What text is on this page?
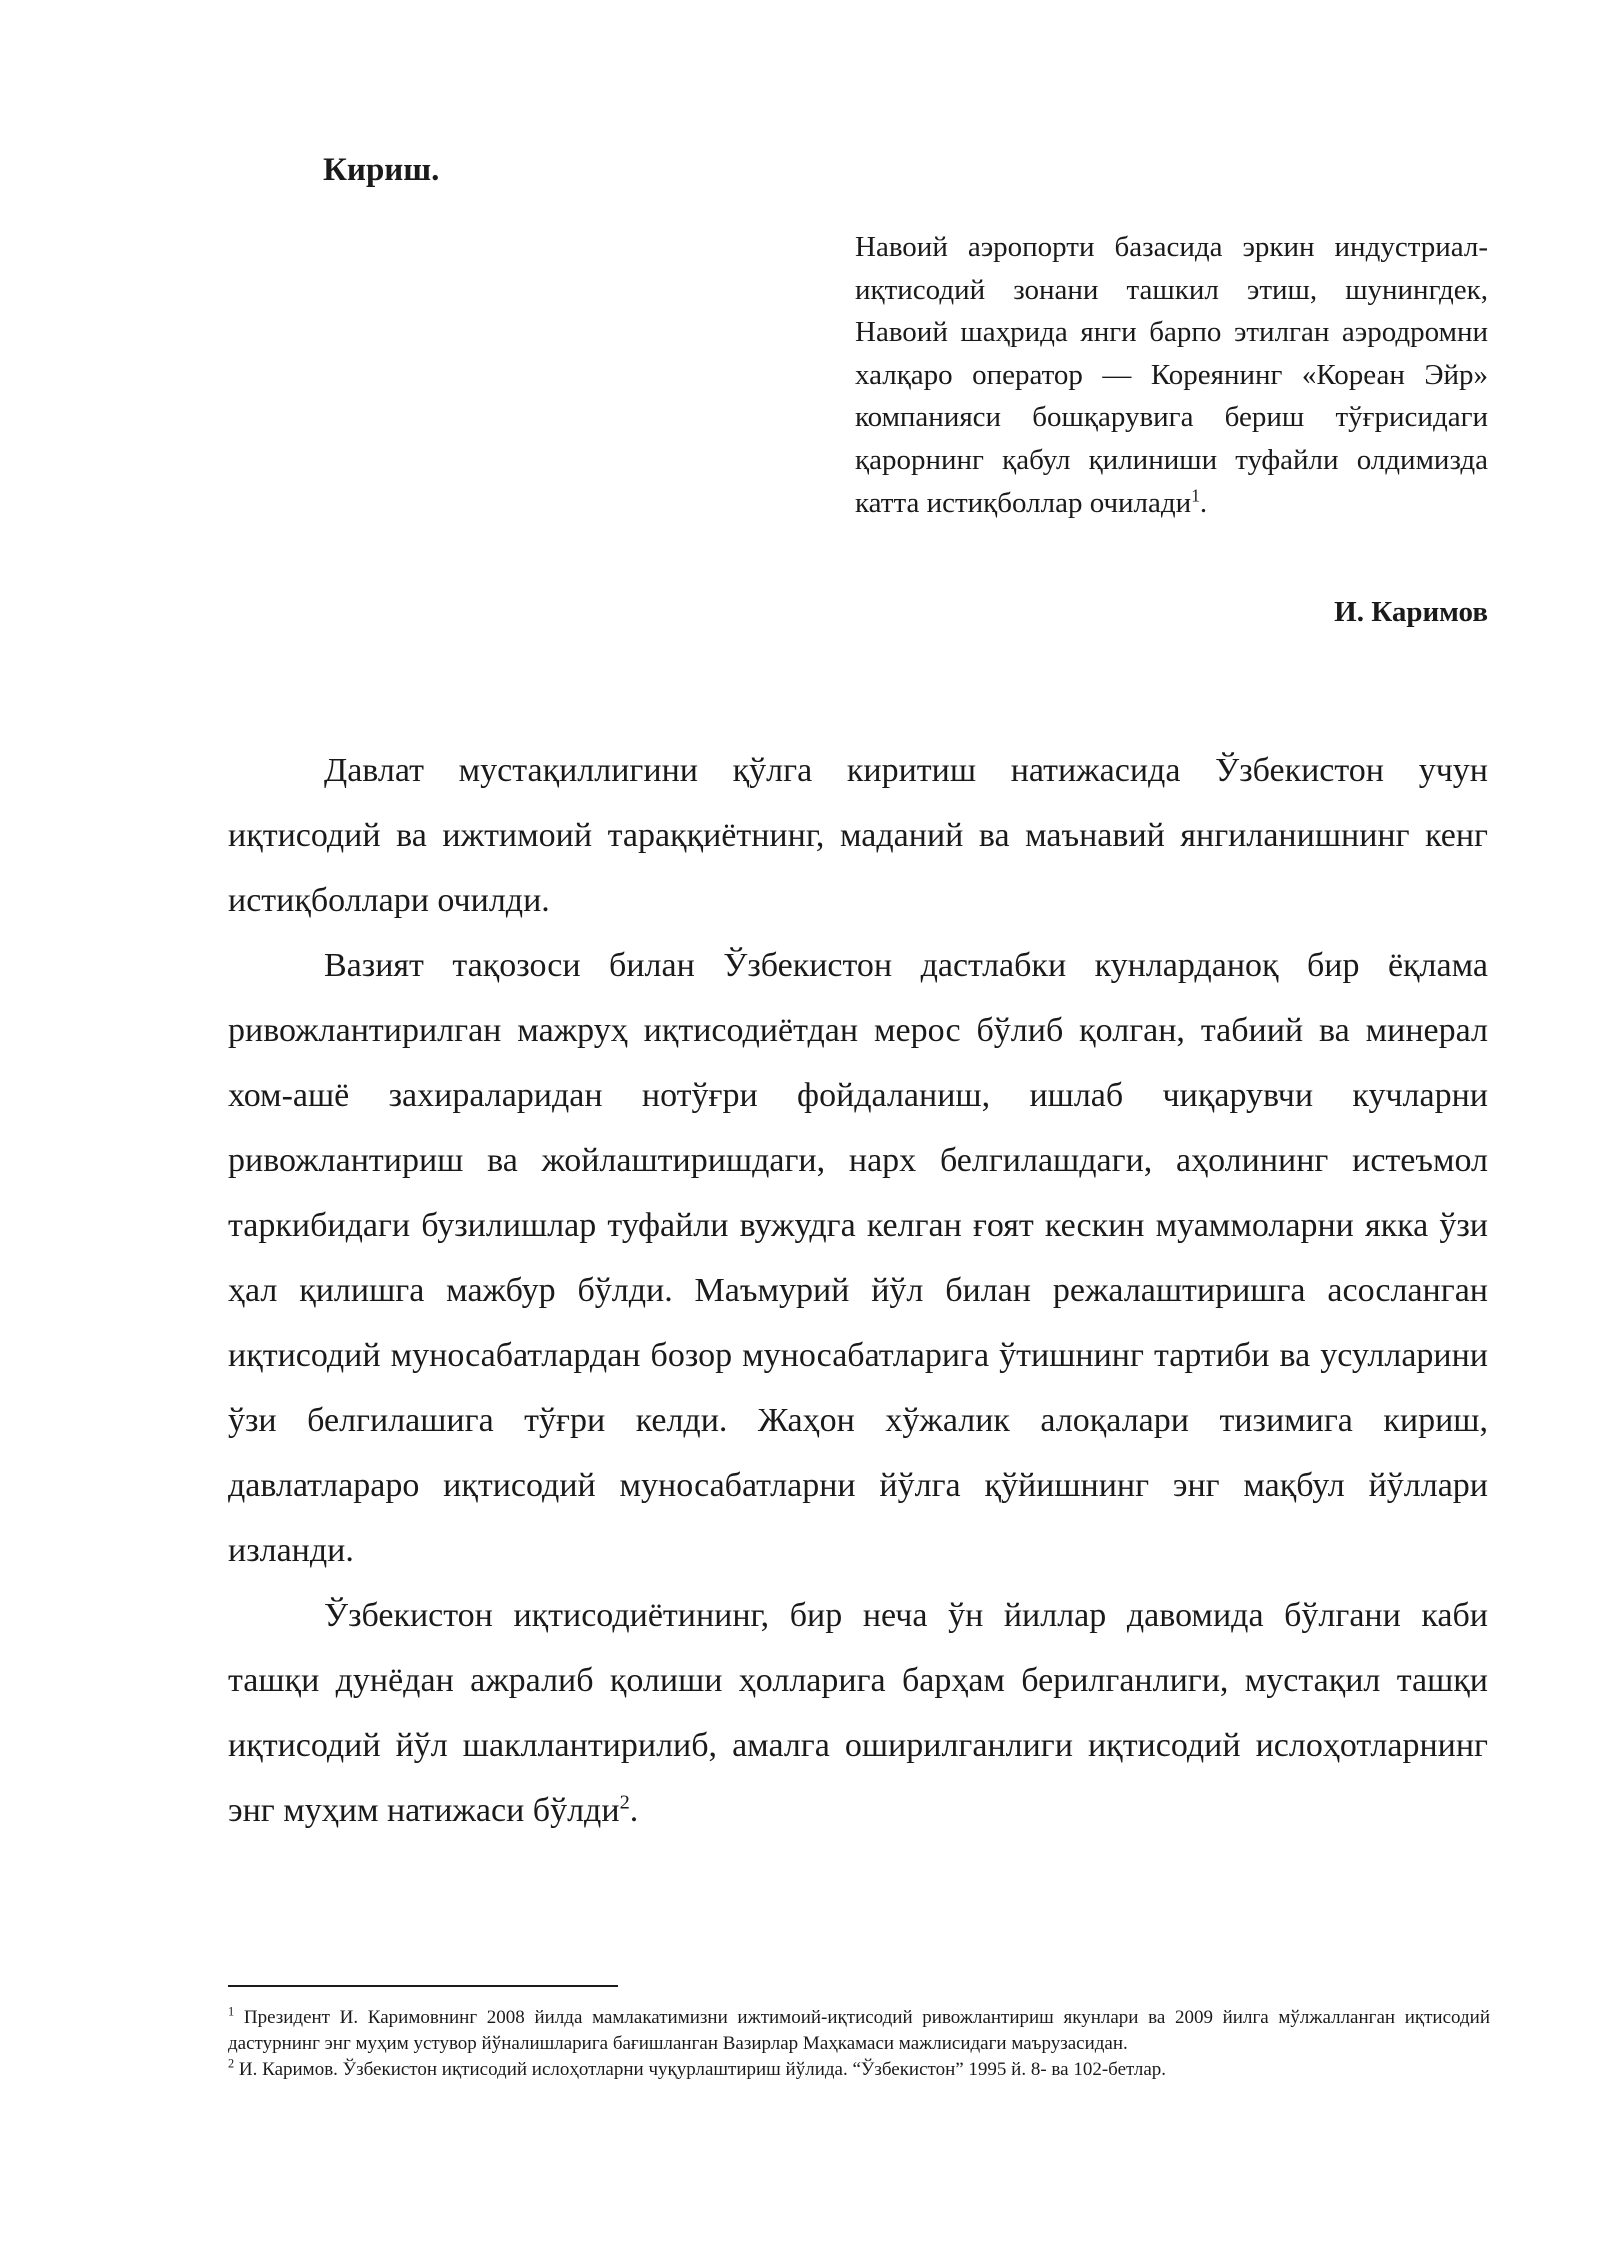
Кириш.

Навоий аэропорти базасида эркин индустриал-иқтисодий зонани ташкил этиш, шунингдек, Навоий шаҳрида янги барпо этилган аэродромни халқаро оператор — Кореянинг «Кореан Эйр» компанияси бошқарувига бериш тўғрисидаги қарорнинг қабул қилиниши туфайли олдимизда катта истиқболлар очилади$^1$.

И. Каримов

Давлат мустақиллигини қўлга киритиш натижасида Ўзбекистон учун иқтисодий ва ижтимоий тараққиётнинг, маданий ва маънавий янгиланишнинг кенг истиқболлари очилди.

Вазият тақозоси билан Ўзбекистон дастлабки кунларданоқ бир ёқлама ривожлантирилган мажруҳ иқтисодиётдан мерос бўлиб қолган, табиий ва минерал хом-ашё захираларидан нотўғри фойдаланиш, ишлаб чиқарувчи кучларни ривожлантириш ва жойлаштиришдаги, нарх белгилашдаги, аҳолининг истеъмол таркибидаги бузилишлар туфайли вужудга келган ғоят кескин муаммоларни якка ўзи ҳал қилишга мажбур бўлди. Маъмурий йўл билан режалаштиришга асосланган иқтисодий муносабатлардан бозор муносабатларига ўтишнинг тартиби ва усулларини ўзи белгилашига тўғри келди. Жаҳон хўжалик алоқалари тизимига кириш, давлатлараро иқтисодий муносабатларни йўлга қўйишнинг энг мақбул йўллари изланди.

Ўзбекистон иқтисодиётининг, бир неча ўн йиллар давомида бўлгани каби ташқи дунёдан ажралиб қолиши ҳолларига барҳам берилганлиги, мустақил ташқи иқтисодий йўл шакллантирилиб, амалга оширилганлиги иқтисодий ислоҳотларнинг энг муҳим натижаси бўлди$^2$.

$^1$ Президент И. Каримовнинг 2008 йилда мамлакатимизни ижтимоий-иқтисодий ривожлантириш якунлари ва 2009 йилга мўлжалланган иқтисодий дастурнинг энг муҳим устувор йўналишларига бағишланган Вазирлар Маҳкамаси мажлисидаги маърузасидан.

$^2$ И. Каримов. Ўзбекистон иқтисодий ислоҳотларни чуқурлаштириш йўлида. “Ўзбекистон” 1995 й. 8- ва 102-бетлар.
